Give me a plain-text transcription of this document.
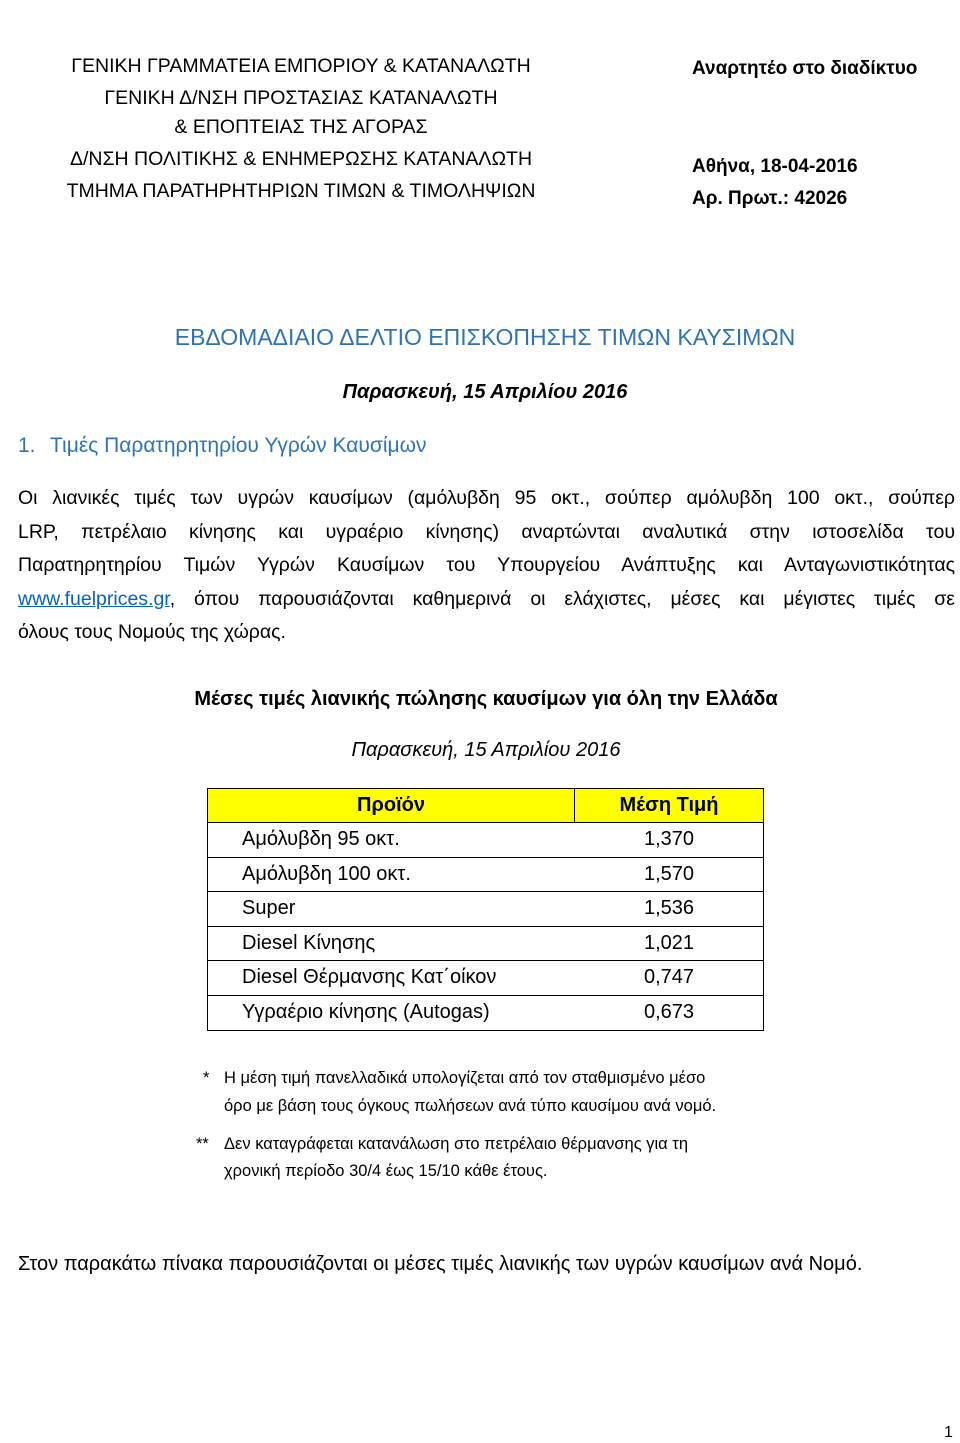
ΓΕΝΙΚΗ ΓΡΑΜΜΑΤΕΙΑ ΕΜΠΟΡΙΟΥ & ΚΑΤΑΝΑΛΩΤΗ
ΓΕΝΙΚΗ Δ/ΝΣΗ ΠΡΟΣΤΑΣΙΑΣ ΚΑΤΑΝΑΛΩΤΗ
& ΕΠΟΠΤΕΙΑΣ ΤΗΣ ΑΓΟΡΑΣ
Δ/ΝΣΗ ΠΟΛΙΤΙΚΗΣ & ΕΝΗΜΕΡΩΣΗΣ ΚΑΤΑΝΑΛΩΤΗ
ΤΜΗΜΑ ΠΑΡΑΤΗΡΗΤΗΡΙΩΝ ΤΙΜΩΝ & ΤΙΜΟΛΗΨΙΩΝ
Αναρτητέο στο διαδίκτυο
Αθήνα, 18-04-2016
Αρ. Πρωτ.: 42026
ΕΒΔΟΜΑΔΙΑΙΟ ΔΕΛΤΙΟ ΕΠΙΣΚΟΠΗΣΗΣ ΤΙΜΩΝ ΚΑΥΣΙΜΩΝ
Παρασκευή, 15 Απριλίου 2016
1. Τιμές Παρατηρητηρίου Υγρών Καυσίμων
Οι λιανικές τιμές των υγρών καυσίμων (αμόλυβδη 95 οκτ., σούπερ αμόλυβδη 100 οκτ., σούπερ
LRP, πετρέλαιο κίνησης και υγραέριο κίνησης) αναρτώνται αναλυτικά στην ιστοσελίδα του
Παρατηρητηρίου Τιμών Υγρών Καυσίμων του Υπουργείου Ανάπτυξης και Ανταγωνιστικότητας
www.fuelprices.gr, όπου παρουσιάζονται καθημερινά οι ελάχιστες, μέσες και μέγιστες τιμές σε
όλους τους Νομούς της χώρας.
Μέσες τιμές λιανικής πώλησης καυσίμων για όλη την Ελλάδα
Παρασκευή, 15 Απριλίου 2016
Προϊόν	Μέση Τιμή
Αμόλυβδη 95 οκτ.	1,370
Αμόλυβδη 100 οκτ.	1,570
Super	1,536
Diesel Κίνησης	1,021
Diesel Θέρμανσης Κατ΄οίκον	0,747
Υγραέριο κίνησης (Autogas)	0,673
* Η μέση τιμή πανελλαδικά υπολογίζεται από τον σταθμισμένο μέσο
όρο με βάση τους όγκους πωλήσεων ανά τύπο καυσίμου ανά νομό.
** Δεν καταγράφεται κατανάλωση στο πετρέλαιο θέρμανσης για τη
χρονική περίοδο 30/4 έως 15/10 κάθε έτους.
Στον παρακάτω πίνακα παρουσιάζονται οι μέσες τιμές λιανικής των υγρών καυσίμων ανά Νομό.
1
